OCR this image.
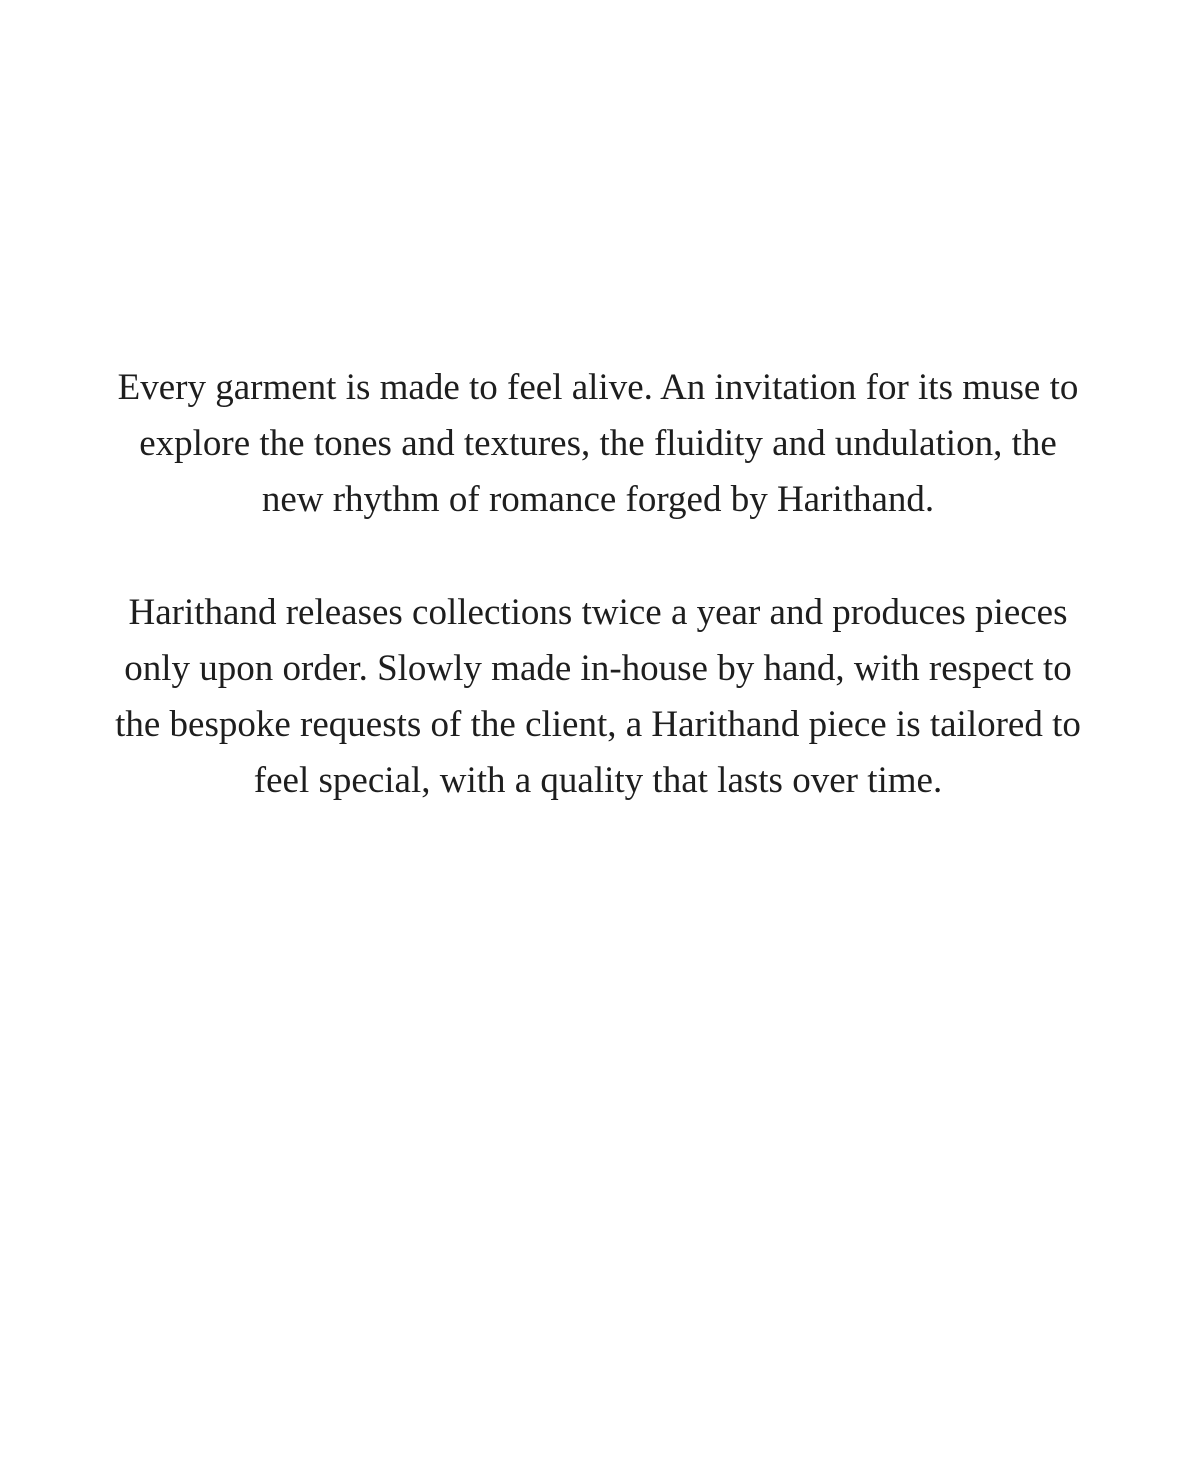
Every garment is made to feel alive. An invitation for its muse to explore the tones and textures, the fluidity and undulation, the new rhythm of romance forged by Harithand.

Harithand releases collections twice a year and produces pieces only upon order. Slowly made in-house by hand, with respect to the bespoke requests of the client, a Harithand piece is tailored to feel special, with a quality that lasts over time.
